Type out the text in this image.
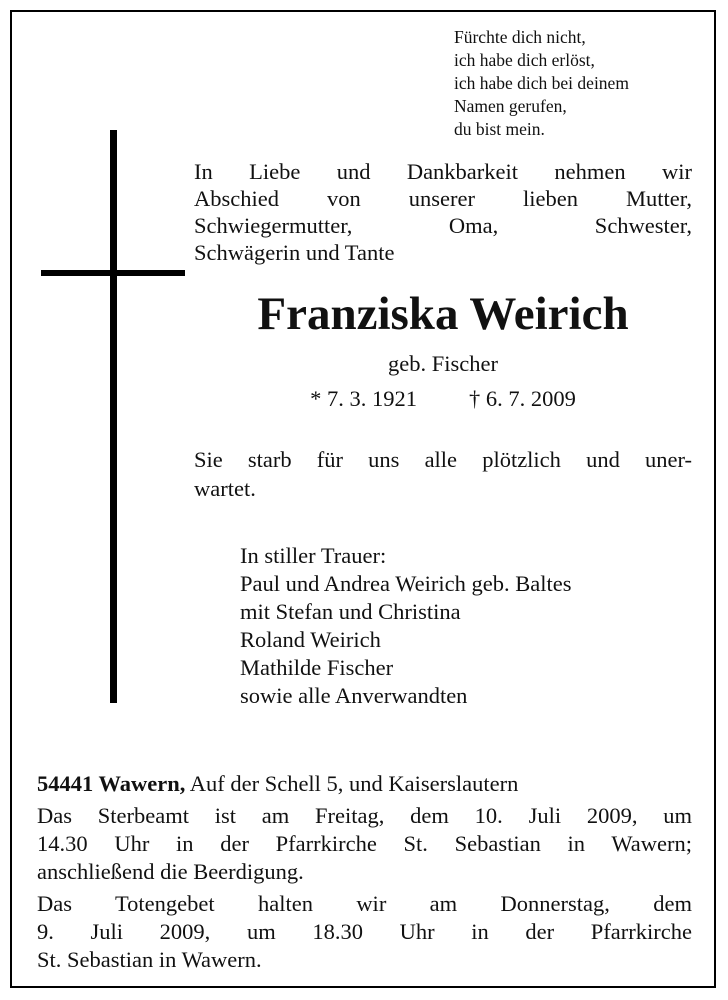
Fürchte dich nicht,
ich habe dich erlöst,
ich habe dich bei deinem
Namen gerufen,
du bist mein.
In Liebe und Dankbarkeit nehmen wir
Abschied von unserer lieben Mutter,
Schwiegermutter, Oma, Schwester,
Schwägerin und Tante
Franziska Weirich
geb. Fischer
* 7. 3. 1921 † 6. 7. 2009
Sie starb für uns alle plötzlich und uner-
wartet.
In stiller Trauer:
Paul und Andrea Weirich geb. Baltes
mit Stefan und Christina
Roland Weirich
Mathilde Fischer
sowie alle Anverwandten
54441 Wawern, Auf der Schell 5, und Kaiserslautern
Das Sterbeamt ist am Freitag, dem 10. Juli 2009, um
14.30 Uhr in der Pfarrkirche St. Sebastian in Wawern;
anschließend die Beerdigung.
Das Totengebet halten wir am Donnerstag, dem
9. Juli 2009, um 18.30 Uhr in der Pfarrkirche
St. Sebastian in Wawern.
